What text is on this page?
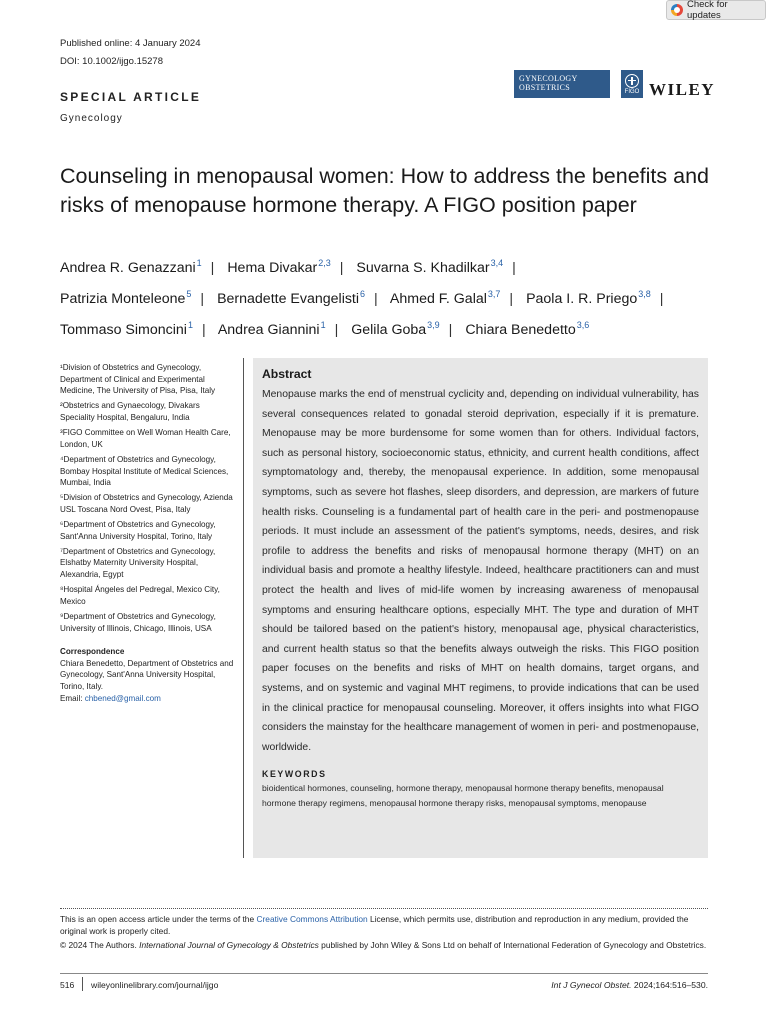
Check for updates
Published online: 4 January 2024
DOI: 10.1002/ijgo.15278
SPECIAL ARTICLE
Gynecology
GYNECOLOGY
OBSTETRICS	FIGO WILEY
Counseling in menopausal women: How to address the benefits and risks of menopause hormone therapy. A FIGO position paper
Andrea R. Genazzani$^1$ | Hema Divakar$^{2,3}$ | Suvarna S. Khadilkar$^{3,4}$ |
Patrizia Monteleone$^5$ | Bernadette Evangelisti$^6$ | Ahmed F. Galal$^{3,7}$ | Paola I. R. Priego$^{3,8}$ |
Tommaso Simoncini$^1$ | Andrea Giannini$^1$ | Gelila Goba$^{3,9}$ | Chiara Benedetto$^{3,6}$

¹Division of Obstetrics and Gynecology, Department of Clinical and Experimental Medicine, The University of Pisa, Pisa, Italy

²Obstetrics and Gynaecology, Divakars Speciality Hospital, Bengaluru, India

³FIGO Committee on Well Woman Health Care, London, UK

⁴Department of Obstetrics and Gynecology, Bombay Hospital Institute of Medical Sciences, Mumbai, India

⁵Division of Obstetrics and Gynecology, Azienda USL Toscana Nord Ovest, Pisa, Italy

⁶Department of Obstetrics and Gynecology, Sant'Anna University Hospital, Torino, Italy

⁷Department of Obstetrics and Gynecology, Elshatby Maternity University Hospital, Alexandria, Egypt

⁸Hospital Ángeles del Pedregal, Mexico City, Mexico

⁹Department of Obstetrics and Gynecology, University of Illinois, Chicago, Illinois, USA

Correspondence
Chiara Benedetto, Department of Obstetrics and Gynecology, Sant'Anna University Hospital, Torino, Italy.
Email: chbened@gmail.com
Abstract

Menopause marks the end of menstrual cyclicity and, depending on individual vulnerability, has several consequences related to gonadal steroid deprivation, especially if it is premature. Menopause may be more burdensome for some women than for others. Individual factors, such as personal history, socioeconomic status, ethnicity, and current health conditions, affect symptomatology and, thereby, the menopausal experience. In addition, some menopausal symptoms, such as severe hot flashes, sleep disorders, and depression, are markers of future health risks. Counseling is a fundamental part of health care in the peri- and postmenopause periods. It must include an assessment of the patient's symptoms, needs, desires, and risk profile to address the benefits and risks of menopausal hormone therapy (MHT) on an individual basis and promote a healthy lifestyle. Indeed, healthcare practitioners can and must protect the health and lives of mid-life women by increasing awareness of menopausal symptoms and ensuring healthcare options, especially MHT. The type and duration of MHT should be tailored based on the patient's history, menopausal age, physical characteristics, and current health status so that the benefits always outweigh the risks. This FIGO position paper focuses on the benefits and risks of MHT on health domains, target organs, and systems, and on systemic and vaginal MHT regimens, to provide indications that can be used in the clinical practice for menopausal counseling. Moreover, it offers insights into what FIGO considers the mainstay for the healthcare management of women in peri- and postmenopause, worldwide.

KEYWORDS

bioidentical hormones, counseling, hormone therapy, menopausal hormone therapy benefits, menopausal hormone therapy regimens, menopausal hormone therapy risks, menopausal symptoms, menopause

This is an open access article under the terms of the Creative Commons Attribution License, which permits use, distribution and reproduction in any medium, provided the original work is properly cited.
© 2024 The Authors. International Journal of Gynecology & Obstetrics published by John Wiley & Sons Ltd on behalf of International Federation of Gynecology and Obstetrics.
516 wileyonlinelibrary.com/journal/ijgo	Int J Gynecol Obstet. 2024;164:516–530.
